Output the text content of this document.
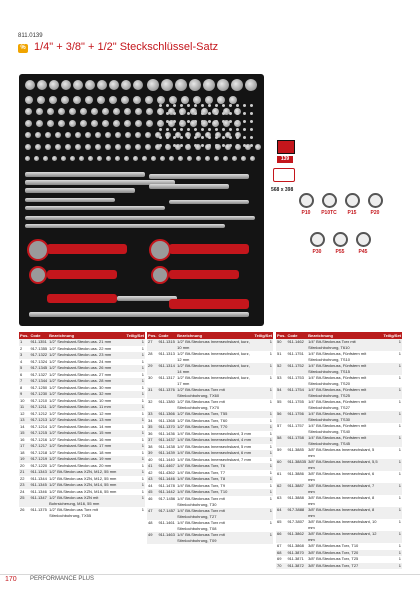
811.0139
% 1/4" + 3/8" + 1/2" Steckschlüssel-Satz
139
568 x 398
P10	P10TC	P15	P20
P30	P55	P45
Pos.	Code	Bezeichnung	Teilig/Set
1	911.1351	1/2" Sechskant-Steckn.uss. 21 mm	1
2	917.1355	1/2" Sechskant-Steckn.uss. 22 mm	1
3	917.1322	1/2" Sechskant-Steckn.uss. 23 mm	1
4	917.1324	1/2" Sechskant-Steckn.uss. 24 mm	1
5	917.1345	1/2" Sechskant-Steckn.uss. 26 mm	1
6	917.1327	1/2" Sechskant-Steckn.uss. 27 mm	1
7	917.1344	1/2" Sechskant-Steckn.uss. 28 mm	1
8	917.1250	1/2" Sechskant-Steckn.uss. 30 mm	1
9	917.1230	1/2" Sechskant-Steckn.uss. 32 mm	1
10	917.1210	1/2" Sechskant-Steckn.uss. 10 mm	1
11	917.1211	1/2" Sechskant-Steckn.uss. 11 mm	1
12	917.1212	1/2" Sechskant-Steckn.uss. 12 mm	1
13	917.1213	1/2" Sechskant-Steckn.uss. 13 mm	1
14	917.1214	1/2" Sechskant-Steckn.uss. 14 mm	1
15	917.1215	1/2" Sechskant-Steckn.uss. 15 mm	1
16	917.1216	1/2" Sechskant-Steckn.uss. 16 mm	1
17	917.1217	1/2" Sechskant-Steckn.uss. 17 mm	1
18	917.1218	1/2" Sechskant-Steckn.uss. 18 mm	1
19	917.1219	1/2" Sechskant-Steckn.uss. 19 mm	1
20	917.1220	1/2" Sechskant-Steckn.uss. 20 mm	1
21	911.1343	1/2" Bit-Steckn.uss XZN, M12, 55 mm	1
22	911.1344	1/2" Bit-Steckn.uss XZN, M12, 55 mm	1
23	911.1345	1/2" Bit-Steckn.uss XZN, M14, 55 mm	1
24	911.1346	1/2" Bit-Steckn.uss XZN, M16, 55 mm	1
25	911.1347	1/2" Bit-Steckn.uss XZN mit Bohrsicherung, M16, 55 mm	1
26	911.1375	1/2" Bit-Steckn.uss Torx mit Stirnlochbohrung, TX55	1
Pos.	Code	Bezeichnung	Teilig/Set
27	911.1315	1/2" Bit-Stecknuss Innensechskant, kurz, 10 mm	1
28	911.1313	1/2" Bit-Stecknuss Innensechskant, kurz, 12 mm	1
29	911.1314	1/2" Bit-Stecknuss Innensechskant, kurz, 14 mm	1
30	911.1317	1/2" Bit-Stecknuss Innensechskant, kurz, 17 mm	1
31	911.1376	1/2" Bit-Stecknuss Torx mit Stirnlochbohrung, TX60	1
32	911.1380	1/2" Bit-Stecknuss Torx mit Stirnlochbohrung, TX70	1
33	911.1366	1/2" Bit-Stecknuss Torx, T55	1
34	911.1368	1/2" Bit-Stecknuss Torx, T60	1
35	911.1370	1/2" Bit-Stecknuss Torx, T70	1
36	911.1436	1/4" Bit-Stecknuss Innensechskant, 3 mm	1
37	911.1437	1/4" Bit-Stecknuss Innensechskant, 4 mm	1
38	911.1438	1/4" Bit-Stecknuss Innensechskant, 5 mm	1
39	911.1439	1/4" Bit-Stecknuss Innensechskant, 6 mm	1
40	911.1440	1/4" Bit-Stecknuss Innensechskant, 7 mm	1
41	911.4467	1/4" Bit-Stecknuss Torx, T6	1
42	911.4362	1/4" Bit-Stecknuss Torx, T7	1
43	911.1446	1/4" Bit-Stecknuss Torx, T8	1
44	911.1478	1/4" Bit-Stecknuss Torx, T9	1
45	911.1442	1/4" Bit-Stecknuss Torx, T10	1
46	917.1456	1/4" Bit-Stecknuss Torx mit Stirnlochbohrung, T30	1
47	917.1457	1/4" Bit-Stecknuss Torx mit Stirnlochbohrung, T27	1
48	911.1461	1/4" Bit-Stecknuss Torx mit Stirnlochbohrung, T08	1
49	911.1463	1/4" Bit-Stecknuss Torx mit Stirnlochbohrung, T09	1
Pos.	Code	Bezeichnung	Teilig/Set
50	911.1462	1/4" Bit-Stecknuss Torx mit Stirnlochbohrung, T610	1
51	911.1751	1/4" Bit-Stecknuss, Fünfstern mit Stirnlochbohrung, TS10	1
52	911.1752	1/4" Bit-Stecknuss, Fünfstern mit Stirnlochbohrung, TS15	1
53	911.1753	1/4" Bit-Stecknuss, Fünfstern mit Stirnlochbohrung, TS20	1
54	911.1754	1/4" Bit-Stecknuss, Fünfstern mit Stirnlochbohrung, TS25	1
55	911.1755	1/4" Bit-Stecknuss, Fünfstern mit Stirnlochbohrung, TS27	1
56	911.1756	1/4" Bit-Stecknuss, Fünfstern mit Stirnlochbohrung, TS30	1
57	911.1757	1/4" Bit-Stecknuss, Fünfstern mit Stirnlochbohrung, TS40	1
58	911.1758	1/4" Bit-Stecknuss, Fünfstern mit Stirnlochbohrung, TS45	1
59	911.3885	3/8" Bit-Stecknuss Innensechskant, 5 mm	1
60	911.38835	3/8" Bit-Stecknuss Innensechskant, 5,5 mm	1
61	911.3886	3/8" Bit-Stecknuss Innensechskant, 6 mm	1
62	911.3887	3/8" Bit-Stecknuss Innensechskant, 7 mm	1
63	911.3888	3/8" Bit-Stecknuss Innensechskant, 8 mm	1
64	917.3888	3/8" Bit-Stecknuss Innensechskant, 8 mm	1
65	917.3807	3/8" Bit-Stecknuss Innensechskant, 10 mm	1
66	911.3862	3/8" Bit-Stecknuss Innensechskant, 12 mm	1
67	911.3868	3/8" Bit-Stecknuss Torx, T10	1
68	911.3870	3/8" Bit-Stecknuss Torx, T20	1
69	911.3871	3/8" Bit-Stecknuss Torx, T25	1
70	911.3872	3/8" Bit-Stecknuss Torx, T27	1
170 PERFORMANCE PLUS
